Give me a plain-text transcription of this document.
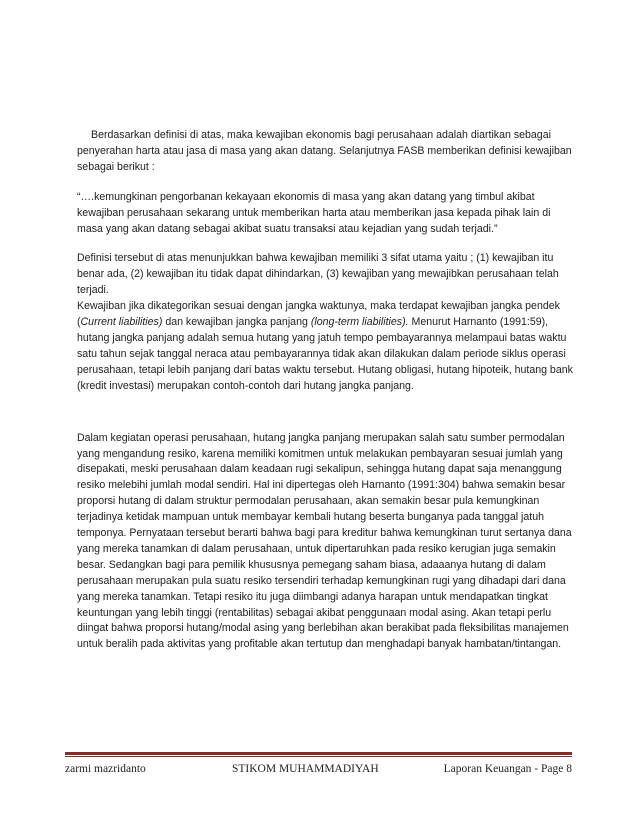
Berdasarkan definisi di atas, maka kewajiban ekonomis bagi perusahaan adalah diartikan sebagai penyerahan harta atau jasa di masa yang akan datang. Selanjutnya FASB memberikan definisi kewajiban sebagai berikut :

“….kemungkinan pengorbanan kekayaan ekonomis di masa yang akan datang yang timbul akibat kewajiban perusahaan sekarang untuk memberikan harta atau memberikan jasa kepada pihak lain di masa yang akan datang sebagai akibat suatu transaksi atau kejadian yang sudah terjadi.”

Definisi tersebut di atas menunjukkan bahwa kewajiban memiliki 3 sifat utama yaitu ; (1) kewajiban itu benar ada, (2) kewajiban itu tidak dapat dihindarkan, (3) kewajiban yang mewajibkan perusahaan telah terjadi.

Kewajiban jika dikategorikan sesuai dengan jangka waktunya, maka terdapat kewajiban jangka pendek (Current liabilities) dan kewajiban jangka panjang (long-term liabilities). Menurut Harnanto (1991:59), hutang jangka panjang adalah semua hutang yang jatuh tempo pembayarannya melampaui batas waktu satu tahun sejak tanggal neraca atau pembayarannya tidak akan dilakukan dalam periode siklus operasi perusahaan, tetapi lebih panjang dari batas waktu tersebut. Hutang obligasi, hutang hipoteik, hutang bank (kredit investasi) merupakan contoh-contoh dari hutang jangka panjang.

Dalam kegiatan operasi perusahaan, hutang jangka panjang merupakan salah satu sumber permodalan yang mengandung resiko, karena memiliki komitmen untuk melakukan pembayaran sesuai jumlah yang disepakati, meski perusahaan dalam keadaan rugi sekalipun, sehingga hutang dapat saja menanggung resiko melebihi jumlah modal sendiri. Hal ini dipertegas oleh Harnanto (1991:304) bahwa semakin besar proporsi hutang di dalam struktur permodalan perusahaan, akan semakin besar pula kemungkinan terjadinya ketidak mampuan untuk membayar kembali hutang beserta bunganya pada tanggal jatuh temponya. Pernyataan tersebut berarti bahwa bagi para kreditur bahwa kemungkinan turut sertanya dana yang mereka tanamkan di dalam perusahaan, untuk dipertaruhkan pada resiko kerugian juga semakin besar. Sedangkan bagi para pemilik khususnya pemegang saham biasa, adaaanya hutang di dalam perusahaan merupakan pula suatu resiko tersendiri terhadap kemungkinan rugi yang dihadapi dari dana yang mereka tanamkan. Tetapi resiko itu juga diimbangi adanya harapan untuk mendapatkan tingkat keuntungan yang lebih tinggi (rentabilitas) sebagai akibat penggunaan modal asing. Akan tetapi perlu diingat bahwa proporsi hutang/modal asing yang berlebihan akan berakibat pada fleksibilitas manajemen untuk beralih pada aktivitas yang profitable akan tertutup dan menghadapi banyak hambatan/tintangan.

zarmi mazridanto	STIKOM MUHAMMADIYAH	Laporan Keuangan - Page 8
